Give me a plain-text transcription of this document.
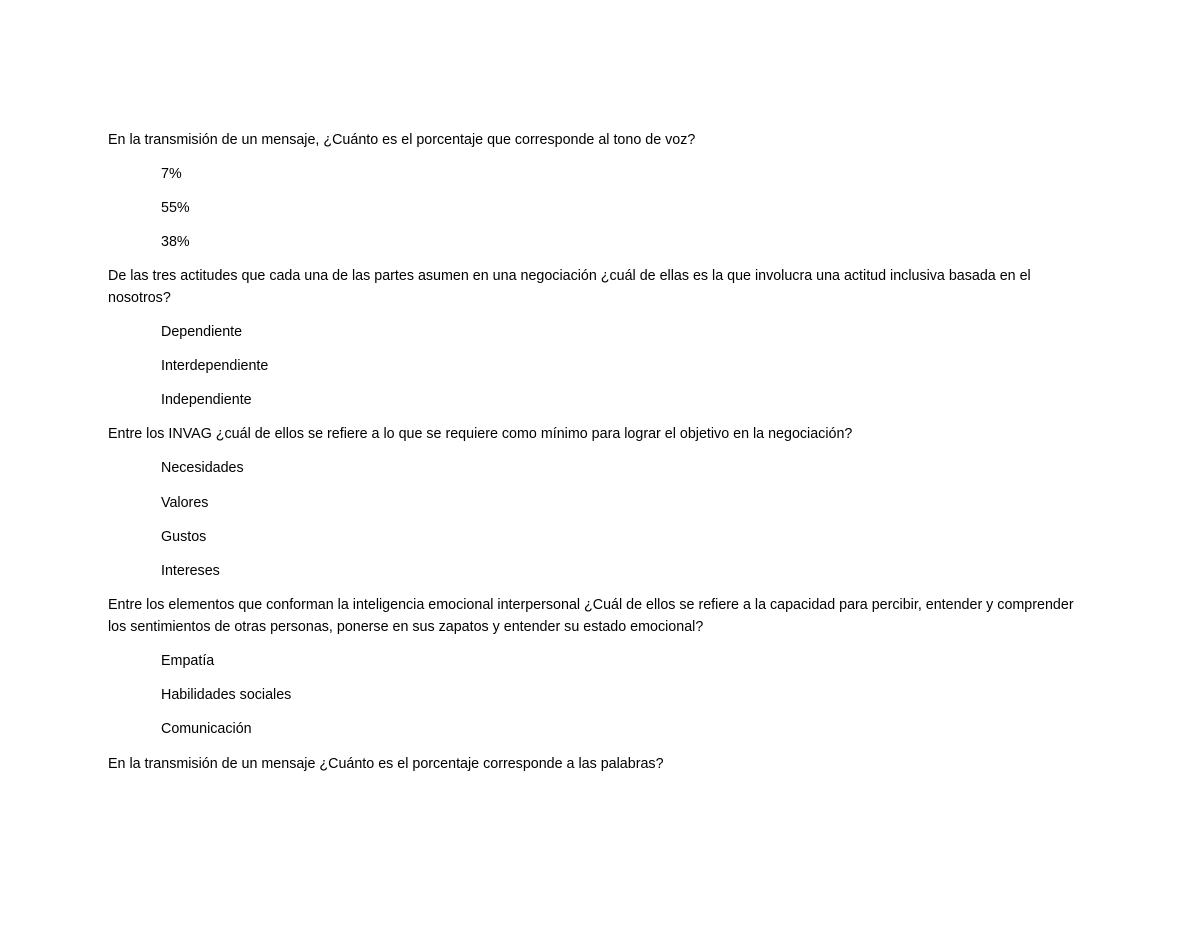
En la transmisión de un mensaje, ¿Cuánto es el porcentaje que corresponde al tono de voz?

7%

55%

38%

De las tres actitudes que cada una de las partes asumen en una negociación ¿cuál de ellas es la que involucra una actitud inclusiva basada en el nosotros?

Dependiente

Interdependiente

Independiente

Entre los INVAG ¿cuál de ellos se refiere a lo que se requiere como mínimo para lograr el objetivo en la negociación?

Necesidades

Valores

Gustos

Intereses

Entre los elementos que conforman la inteligencia emocional interpersonal ¿Cuál de ellos se refiere a la capacidad para percibir, entender y comprender los sentimientos de otras personas, ponerse en sus zapatos y entender su estado emocional?

Empatía

Habilidades sociales

Comunicación

En la transmisión de un mensaje ¿Cuánto es el porcentaje corresponde a las palabras?
